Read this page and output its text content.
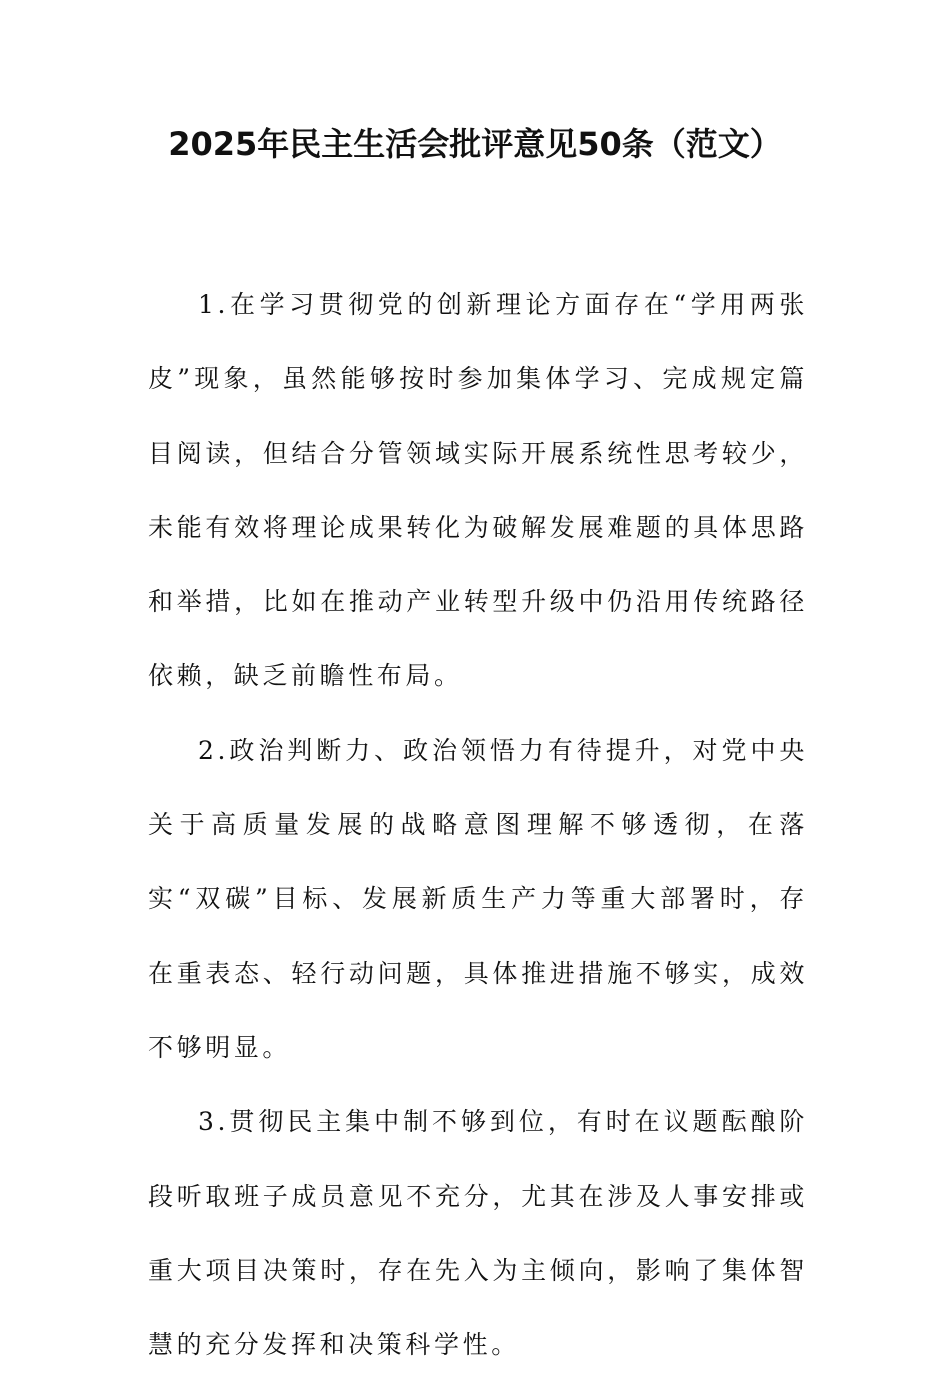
2025年民主生活会批评意见50条（范文）

1.在学习贯彻党的创新理论方面存在“学用两张皮”现象，虽然能够按时参加集体学习、完成规定篇目阅读，但结合分管领域实际开展系统性思考较少，未能有效将理论成果转化为破解发展难题的具体思路和举措，比如在推动产业转型升级中仍沿用传统路径依赖，缺乏前瞻性布局。

2.政治判断力、政治领悟力有待提升，对党中央关于高质量发展的战略意图理解不够透彻，在落实“双碳”目标、发展新质生产力等重大部署时，存在重表态、轻行动问题，具体推进措施不够实，成效不够明显。

3.贯彻民主集中制不够到位，有时在议题酝酿阶段听取班子成员意见不充分，尤其在涉及人事安排或重大项目决策时，存在先入为主倾向，影响了集体智慧的充分发挥和决策科学性。
